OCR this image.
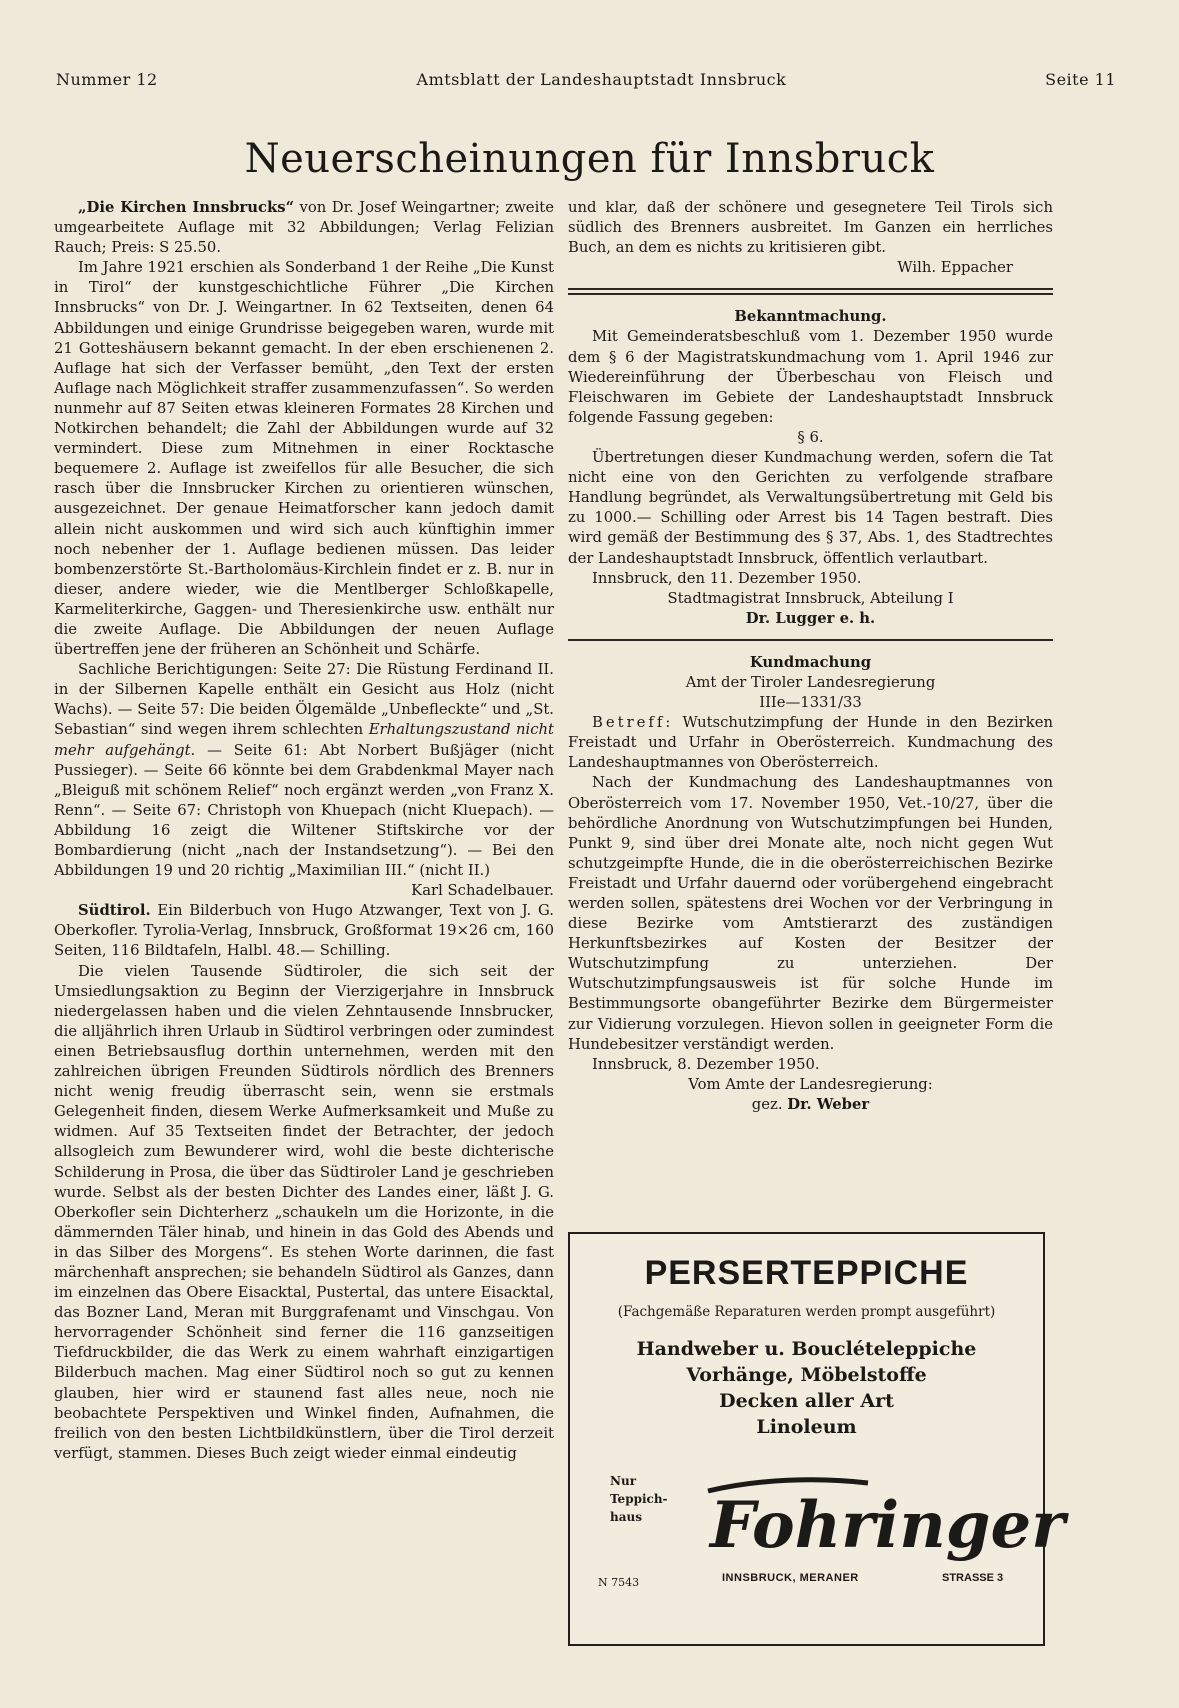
Nummer 12	Amtsblatt der Landeshauptstadt Innsbruck	Seite 11
Neuerscheinungen für Innsbruck

„Die Kirchen Innsbrucks“ von Dr. Josef Weingartner; zweite umgearbeitete Auflage mit 32 Abbildungen; Verlag Felizian Rauch; Preis: S 25.50.

Im Jahre 1921 erschien als Sonderband 1 der Reihe „Die Kunst in Tirol“ der kunstgeschichtliche Führer „Die Kirchen Innsbrucks“ von Dr. J. Weingartner. In 62 Textseiten, denen 64 Abbildungen und einige Grundrisse beigegeben waren, wurde mit 21 Gotteshäusern bekannt gemacht. In der eben erschienenen 2. Auflage hat sich der Verfasser bemüht, „den Text der ersten Auflage nach Möglichkeit straffer zusammenzufassen“. So werden nunmehr auf 87 Seiten etwas kleineren Formates 28 Kirchen und Notkirchen behandelt; die Zahl der Abbildungen wurde auf 32 vermindert. Diese zum Mitnehmen in einer Rocktasche bequemere 2. Auflage ist zweifellos für alle Besucher, die sich rasch über die Innsbrucker Kirchen zu orientieren wünschen, ausgezeichnet. Der genaue Heimatforscher kann jedoch damit allein nicht auskommen und wird sich auch künftighin immer noch nebenher der 1. Auflage bedienen müssen. Das leider bombenzerstörte St.-Bartholomäus-Kirchlein findet er z. B. nur in dieser, andere wieder, wie die Mentlberger Schloßkapelle, Karmeliterkirche, Gaggen- und Theresienkirche usw. enthält nur die zweite Auflage. Die Abbildungen der neuen Auflage übertreffen jene der früheren an Schönheit und Schärfe.

Sachliche Berichtigungen: Seite 27: Die Rüstung Ferdinand II. in der Silbernen Kapelle enthält ein Gesicht aus Holz (nicht Wachs). — Seite 57: Die beiden Ölgemälde „Unbefleckte“ und „St. Sebastian“ sind wegen ihrem schlechten Erhaltungszustand nicht mehr aufgehängt. — Seite 61: Abt Norbert Bußjäger (nicht Pussieger). — Seite 66 könnte bei dem Grabdenkmal Mayer nach „Bleiguß mit schönem Relief“ noch ergänzt werden „von Franz X. Renn“. — Seite 67: Christoph von Khuepach (nicht Kluepach). — Abbildung 16 zeigt die Wiltener Stiftskirche vor der Bombardierung (nicht „nach der Instandsetzung“). — Bei den Abbildungen 19 und 20 richtig „Maximilian III.“ (nicht II.)

Karl Schadelbauer.

Südtirol. Ein Bilderbuch von Hugo Atzwanger, Text von J. G. Oberkofler. Tyrolia-Verlag, Innsbruck, Großformat 19×26 cm, 160 Seiten, 116 Bildtafeln, Halbl. 48.— Schilling.

Die vielen Tausende Südtiroler, die sich seit der Umsiedlungsaktion zu Beginn der Vierzigerjahre in Innsbruck niedergelassen haben und die vielen Zehntausende Innsbrucker, die alljährlich ihren Urlaub in Südtirol verbringen oder zumindest einen Betriebsausflug dorthin unternehmen, werden mit den zahlreichen übrigen Freunden Südtirols nördlich des Brenners nicht wenig freudig überrascht sein, wenn sie erstmals Gelegenheit finden, diesem Werke Aufmerksamkeit und Muße zu widmen. Auf 35 Textseiten findet der Betrachter, der jedoch allsogleich zum Bewunderer wird, wohl die beste dichterische Schilderung in Prosa, die über das Südtiroler Land je geschrieben wurde. Selbst als der besten Dichter des Landes einer, läßt J. G. Oberkofler sein Dichterherz „schaukeln um die Horizonte, in die dämmernden Täler hinab, und hinein in das Gold des Abends und in das Silber des Morgens“. Es stehen Worte darinnen, die fast märchenhaft ansprechen; sie behandeln Südtirol als Ganzes, dann im einzelnen das Obere Eisacktal, Pustertal, das untere Eisacktal, das Bozner Land, Meran mit Burggrafenamt und Vinschgau. Von hervorragender Schönheit sind ferner die 116 ganzseitigen Tiefdruckbilder, die das Werk zu einem wahrhaft einzigartigen Bilderbuch machen. Mag einer Südtirol noch so gut zu kennen glauben, hier wird er staunend fast alles neue, noch nie beobachtete Perspektiven und Winkel finden, Aufnahmen, die freilich von den besten Lichtbildkünstlern, über die Tirol derzeit verfügt, stammen. Dieses Buch zeigt wieder einmal eindeutig

und klar, daß der schönere und gesegnetere Teil Tirols sich südlich des Brenners ausbreitet. Im Ganzen ein herrliches Buch, an dem es nichts zu kritisieren gibt.

Wilh. Eppacher

Bekanntmachung.

Mit Gemeinderatsbeschluß vom 1. Dezember 1950 wurde dem § 6 der Magistratskundmachung vom 1. April 1946 zur Wiedereinführung der Überbeschau von Fleisch und Fleischwaren im Gebiete der Landeshauptstadt Innsbruck folgende Fassung gegeben:

§ 6.

Übertretungen dieser Kundmachung werden, sofern die Tat nicht eine von den Gerichten zu verfolgende strafbare Handlung begründet, als Verwaltungsübertretung mit Geld bis zu 1000.— Schilling oder Arrest bis 14 Tagen bestraft. Dies wird gemäß der Bestimmung des § 37, Abs. 1, des Stadtrechtes der Landeshauptstadt Innsbruck, öffentlich verlautbart.

Innsbruck, den 11. Dezember 1950.

Stadtmagistrat Innsbruck, Abteilung I

Dr. Lugger e. h.

Kundmachung

Amt der Tiroler Landesregierung

IIIe—1331/33

Betreff: Wutschutzimpfung der Hunde in den Bezirken Freistadt und Urfahr in Oberösterreich. Kundmachung des Landeshauptmannes von Oberösterreich.

Nach der Kundmachung des Landeshauptmannes von Oberösterreich vom 17. November 1950, Vet.-10/27, über die behördliche Anordnung von Wutschutzimpfungen bei Hunden, Punkt 9, sind über drei Monate alte, noch nicht gegen Wut schutzgeimpfte Hunde, die in die oberösterreichischen Bezirke Freistadt und Urfahr dauernd oder vorübergehend eingebracht werden sollen, spätestens drei Wochen vor der Verbringung in diese Bezirke vom Amtstierarzt des zuständigen Herkunftsbezirkes auf Kosten der Besitzer der Wutschutzimpfung zu unterziehen. Der Wutschutzimpfungsausweis ist für solche Hunde im Bestimmungsorte obangeführter Bezirke dem Bürgermeister zur Vidierung vorzulegen. Hievon sollen in geeigneter Form die Hundebesitzer verständigt werden.

Innsbruck, 8. Dezember 1950.

Vom Amte der Landesregierung:

gez. Dr. Weber

PERSERTEPPICHE
(Fachgemäße Reparaturen werden prompt ausgeführt)
Handweber u. Bouclételeppiche
Vorhänge, Möbelstoffe
Decken aller Art
Linoleum
Nur
Teppich-
haus	Fohringer
INNSBRUCK, MERANER	STRASSE 3
N 7543
